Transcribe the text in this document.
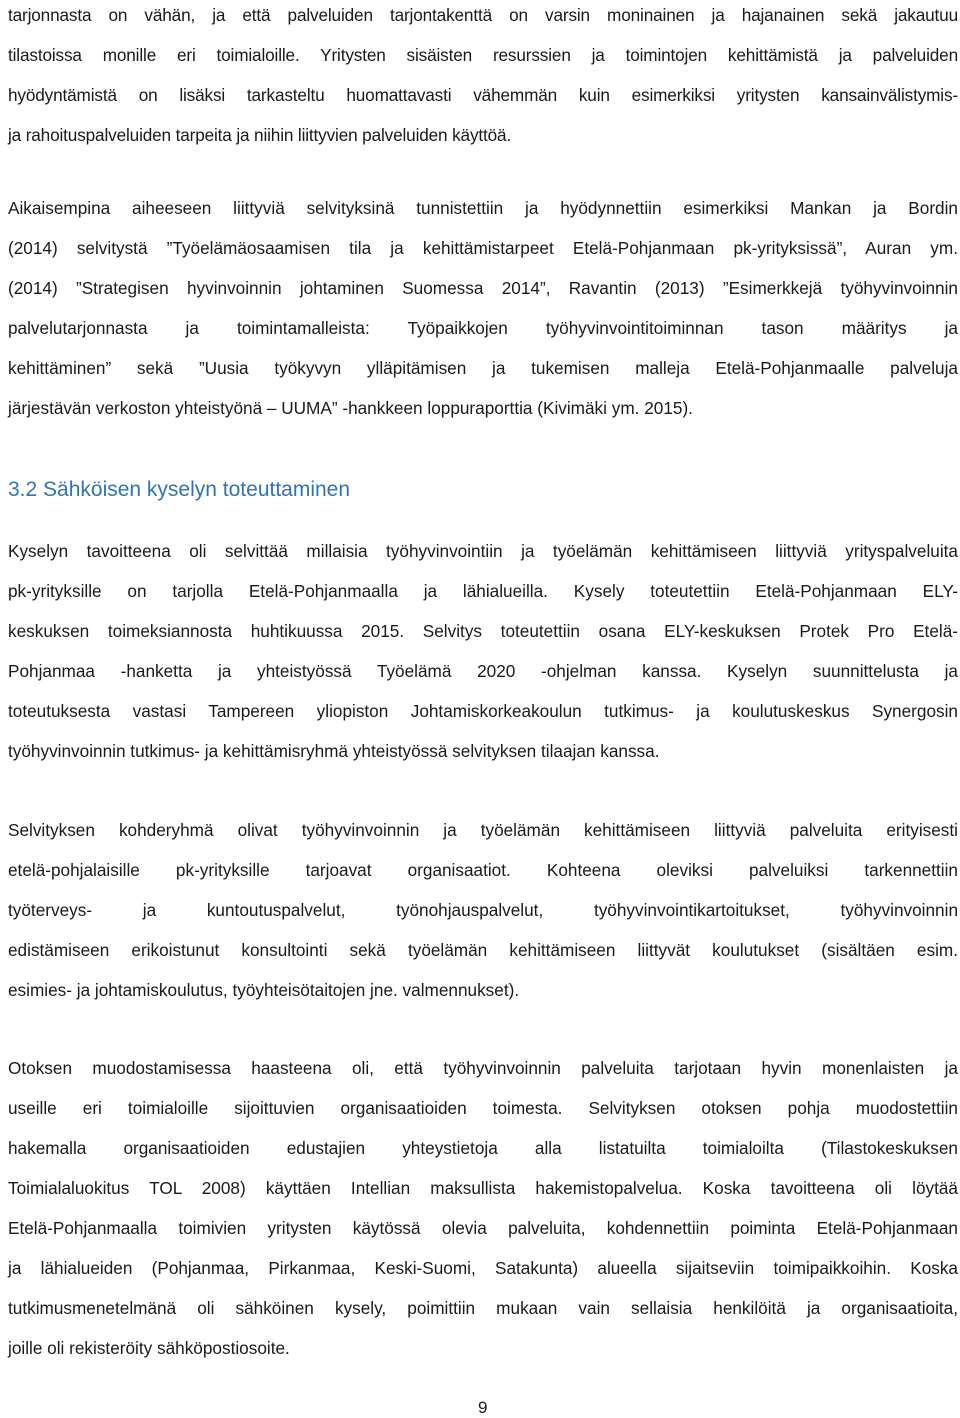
tarjonnasta on vähän, ja että palveluiden tarjontakenttä on varsin moninainen ja hajanainen sekä jakautuu
tilastoissa monille eri toimialoille. Yritysten sisäisten resurssien ja toimintojen kehittämistä ja palveluiden
hyödyntämistä on lisäksi tarkasteltu huomattavasti vähemmän kuin esimerkiksi yritysten kansainvälistymis-
ja rahoituspalveluiden tarpeita ja niihin liittyvien palveluiden käyttöä.
Aikaisempina aiheeseen liittyviä selvityksinä tunnistettiin ja hyödynnettiin esimerkiksi Mankan ja Bordin
(2014) selvitystä ”Työelämäosaamisen tila ja kehittämistarpeet Etelä-Pohjanmaan pk-yrityksissä”, Auran ym.
(2014) ”Strategisen hyvinvoinnin johtaminen Suomessa 2014”, Ravantin (2013) ”Esimerkkejä työhyvinvoinnin
palvelutarjonnasta ja toimintamalleista: Työpaikkojen työhyvinvointitoiminnan tason määritys ja
kehittäminen” sekä ”Uusia työkyvyn ylläpitämisen ja tukemisen malleja Etelä-Pohjanmaalle palveluja
järjestävän verkoston yhteistyönä – UUMA” -hankkeen loppuraporttia (Kivimäki ym. 2015).
3.2 Sähköisen kyselyn toteuttaminen
Kyselyn tavoitteena oli selvittää millaisia työhyvinvointiin ja työelämän kehittämiseen liittyviä yrityspalveluita
pk-yrityksille on tarjolla Etelä-Pohjanmaalla ja lähialueilla. Kysely toteutettiin Etelä-Pohjanmaan ELY-
keskuksen toimeksiannosta huhtikuussa 2015. Selvitys toteutettiin osana ELY-keskuksen Protek Pro Etelä-
Pohjanmaa -hanketta ja yhteistyössä Työelämä 2020 -ohjelman kanssa. Kyselyn suunnittelusta ja
toteutuksesta vastasi Tampereen yliopiston Johtamiskorkeakoulun tutkimus- ja koulutuskeskus Synergosin
työhyvinvoinnin tutkimus- ja kehittämisryhmä yhteistyössä selvityksen tilaajan kanssa.
Selvityksen kohderyhmä olivat työhyvinvoinnin ja työelämän kehittämiseen liittyviä palveluita erityisesti
etelä-pohjalaisille pk-yrityksille tarjoavat organisaatiot. Kohteena oleviksi palveluiksi tarkennettiin
työterveys- ja kuntoutuspalvelut, työnohjauspalvelut, työhyvinvointikartoitukset, työhyvinvoinnin
edistämiseen erikoistunut konsultointi sekä työelämän kehittämiseen liittyvät koulutukset (sisältäen esim.
esimies- ja johtamiskoulutus, työyhteisötaitojen jne. valmennukset).
Otoksen muodostamisessa haasteena oli, että työhyvinvoinnin palveluita tarjotaan hyvin monenlaisten ja
useille eri toimialoille sijoittuvien organisaatioiden toimesta. Selvityksen otoksen pohja muodostettiin
hakemalla organisaatioiden edustajien yhteystietoja alla listatuilta toimialoilta (Tilastokeskuksen
Toimialaluokitus TOL 2008) käyttäen Intellian maksullista hakemistopalvelua. Koska tavoitteena oli löytää
Etelä-Pohjanmaalla toimivien yritysten käytössä olevia palveluita, kohdennettiin poiminta Etelä-Pohjanmaan
ja lähialueiden (Pohjanmaa, Pirkanmaa, Keski-Suomi, Satakunta) alueella sijaitseviin toimipaikkoihin. Koska
tutkimusmenetelmänä oli sähköinen kysely, poimittiin mukaan vain sellaisia henkilöitä ja organisaatioita,
joille oli rekisteröity sähköpostiosoite.
9
